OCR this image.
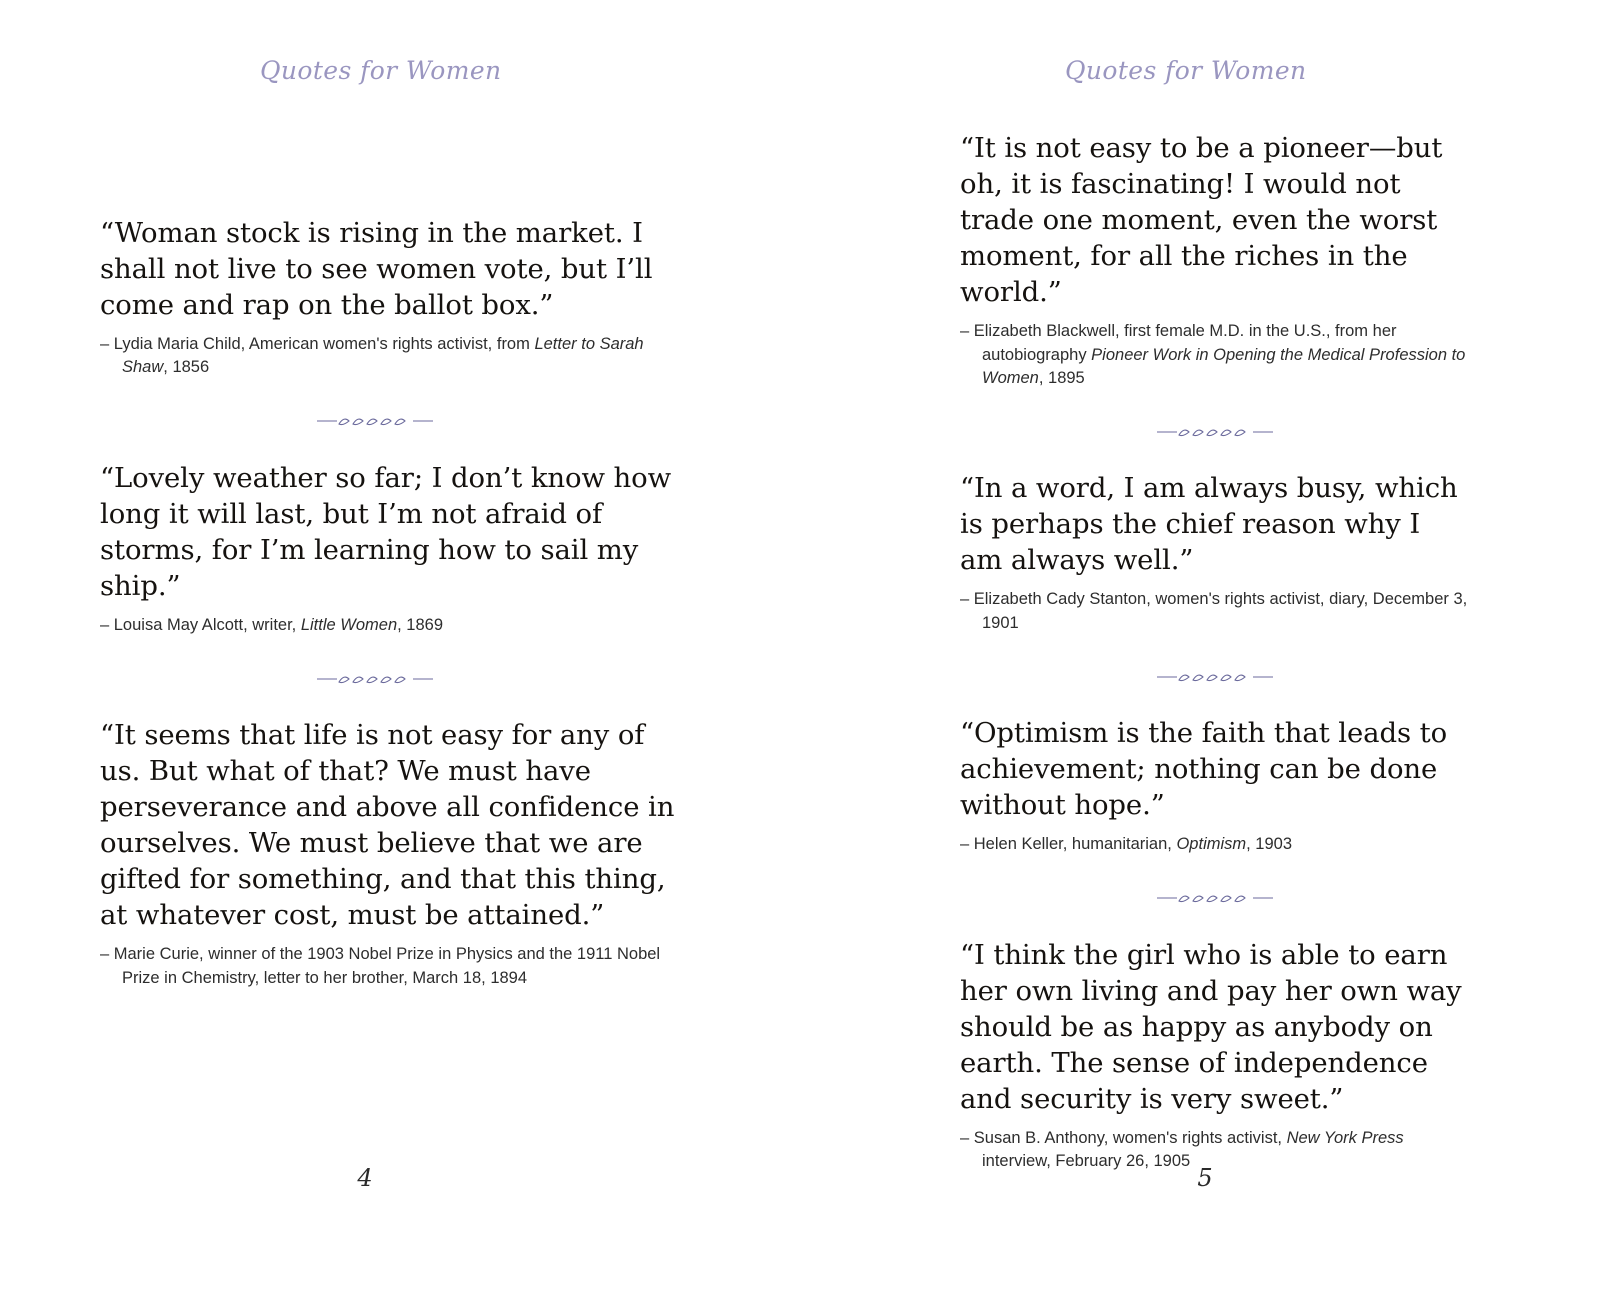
Quotes for Women

“Woman stock is rising in the market. I shall not live to see women vote, but I’ll come and rap on the ballot box.”

– Lydia Maria Child, American women's rights activist, from Letter to Sarah Shaw, 1856

“Lovely weather so far; I don’t know how long it will last, but I’m not afraid of storms, for I’m learning how to sail my ship.”

– Louisa May Alcott, writer, Little Women, 1869

“It seems that life is not easy for any of us. But what of that? We must have perseverance and above all confidence in ourselves. We must believe that we are gifted for something, and that this thing, at whatever cost, must be attained.”

– Marie Curie, winner of the 1903 Nobel Prize in Physics and the 1911 Nobel Prize in Chemistry, letter to her brother, March 18, 1894

4
Quotes for Women

“It is not easy to be a pioneer—but oh, it is fascinating! I would not trade one moment, even the worst moment, for all the riches in the world.”

– Elizabeth Blackwell, first female M.D. in the U.S., from her autobiography Pioneer Work in Opening the Medical Profession to Women, 1895

“In a word, I am always busy, which is perhaps the chief reason why I am always well.”

– Elizabeth Cady Stanton, women's rights activist, diary, December 3, 1901

“Optimism is the faith that leads to achievement; nothing can be done without hope.”

– Helen Keller, humanitarian, Optimism, 1903

“I think the girl who is able to earn her own living and pay her own way should be as happy as anybody on earth. The sense of independence and security is very sweet.”

– Susan B. Anthony, women's rights activist, New York Press interview, February 26, 1905

5
